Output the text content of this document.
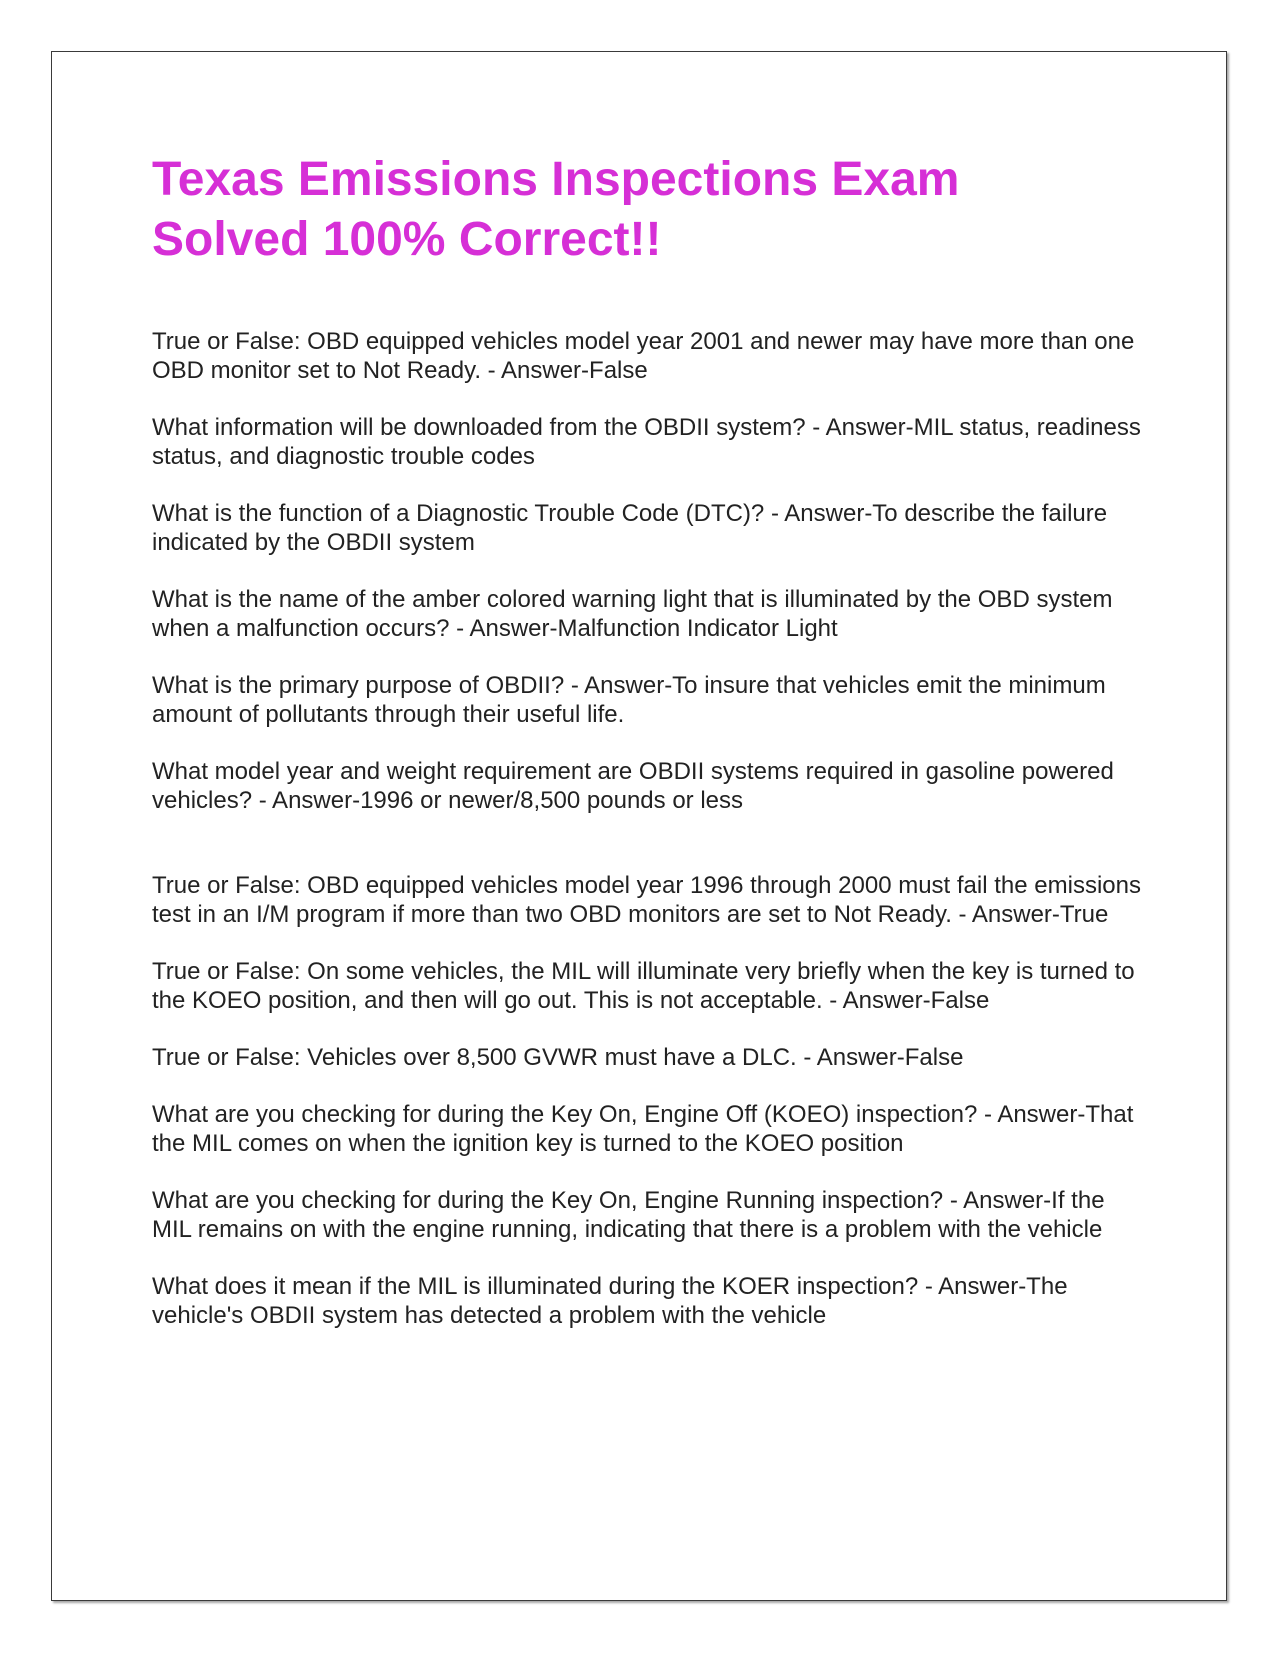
Texas Emissions Inspections Exam
Solved 100% Correct!!

True or False: OBD equipped vehicles model year 2001 and newer may have more than one OBD monitor set to Not Ready. - Answer-False

What information will be downloaded from the OBDII system? - Answer-MIL status, readiness status, and diagnostic trouble codes

What is the function of a Diagnostic Trouble Code (DTC)? - Answer-To describe the failure indicated by the OBDII system

What is the name of the amber colored warning light that is illuminated by the OBD system when a malfunction occurs? - Answer-Malfunction Indicator Light

What is the primary purpose of OBDII? - Answer-To insure that vehicles emit the minimum amount of pollutants through their useful life.

What model year and weight requirement are OBDII systems required in gasoline powered vehicles? - Answer-1996 or newer/8,500 pounds or less

True or False: OBD equipped vehicles model year 1996 through 2000 must fail the emissions test in an I/M program if more than two OBD monitors are set to Not Ready. - Answer-True

True or False: On some vehicles, the MIL will illuminate very briefly when the key is turned to the KOEO position, and then will go out. This is not acceptable. - Answer-False

True or False: Vehicles over 8,500 GVWR must have a DLC. - Answer-False

What are you checking for during the Key On, Engine Off (KOEO) inspection? - Answer-That the MIL comes on when the ignition key is turned to the KOEO position

What are you checking for during the Key On, Engine Running inspection? - Answer-If the MIL remains on with the engine running, indicating that there is a problem with the vehicle

What does it mean if the MIL is illuminated during the KOER inspection? - Answer-The vehicle's OBDII system has detected a problem with the vehicle
